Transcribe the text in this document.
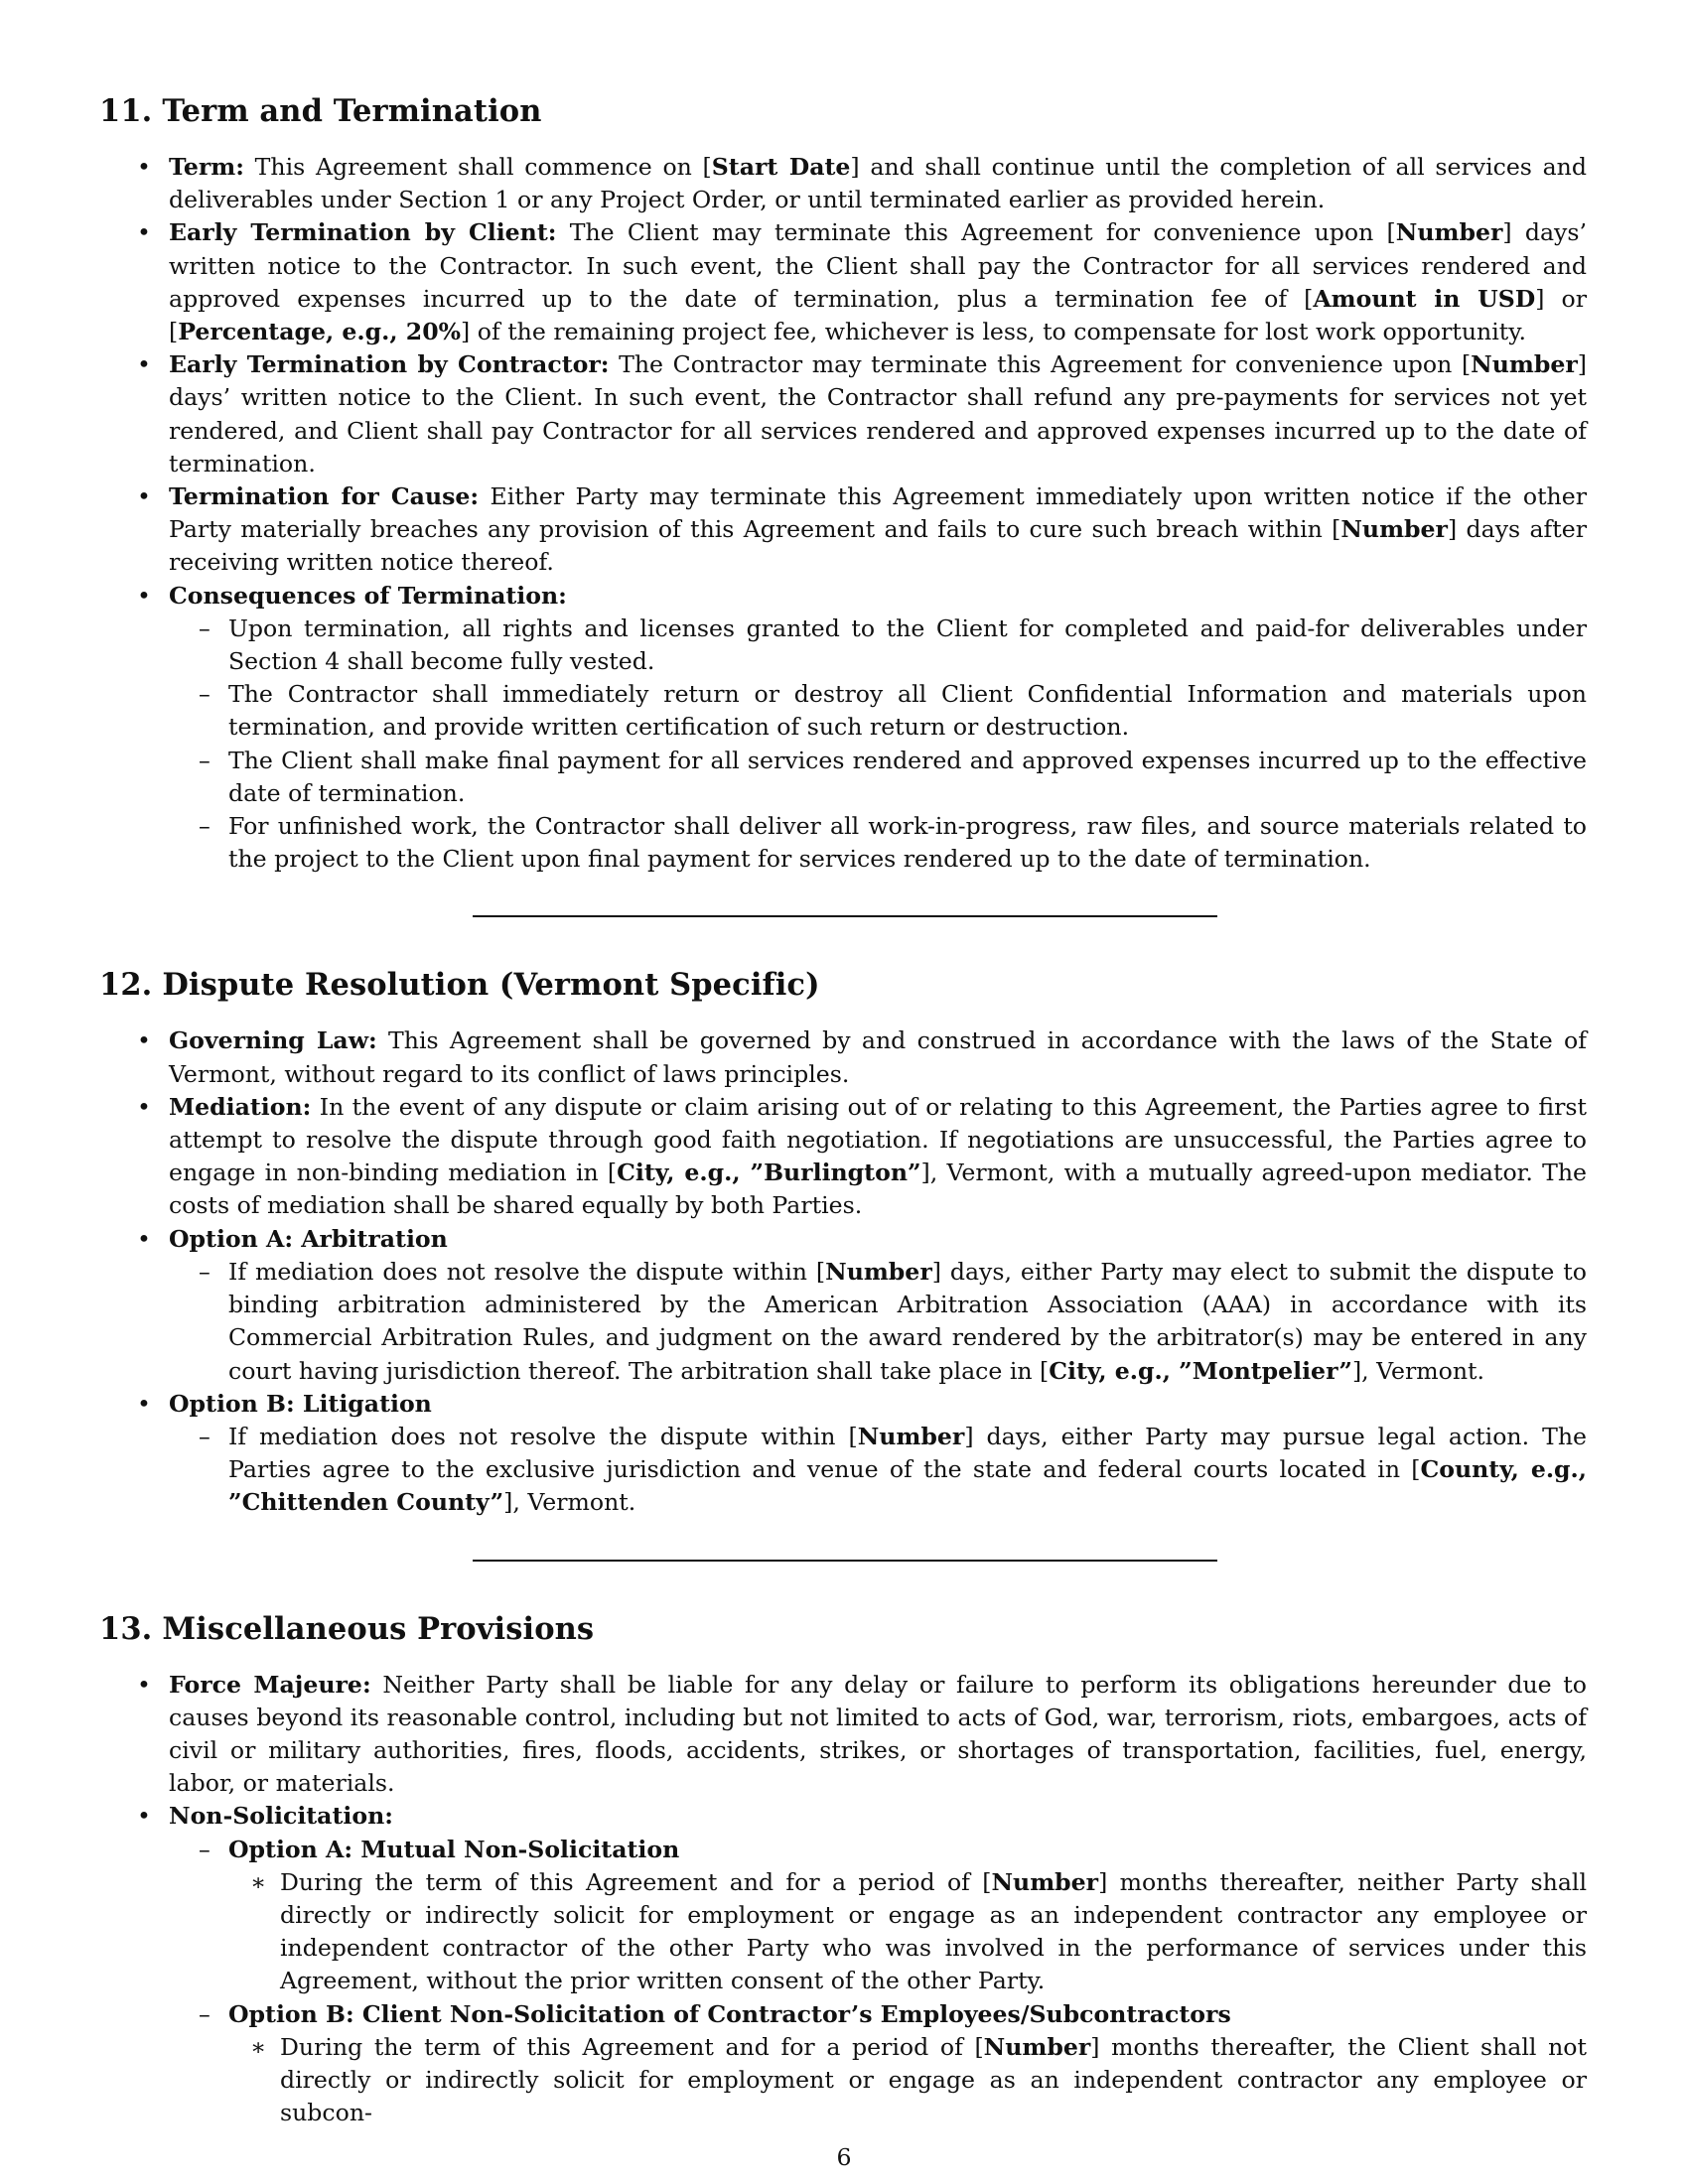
11. Term and Termination
• Term: This Agreement shall commence on [Start Date] and shall continue until the completion of all services and deliverables under Section 1 or any Project Order, or until terminated earlier as provided herein.
• Early Termination by Client: The Client may terminate this Agreement for convenience upon [Number] days’ written notice to the Contractor. In such event, the Client shall pay the Contractor for all services rendered and approved expenses incurred up to the date of termination, plus a termination fee of [Amount in USD] or [Percentage, e.g., 20%] of the remaining project fee, whichever is less, to compensate for lost work opportunity.
• Early Termination by Contractor: The Contractor may terminate this Agreement for convenience upon [Number] days’ written notice to the Client. In such event, the Contractor shall refund any pre-payments for services not yet rendered, and Client shall pay Contractor for all services rendered and approved expenses incurred up to the date of termination.
• Termination for Cause: Either Party may terminate this Agreement immediately upon written notice if the other Party materially breaches any provision of this Agreement and fails to cure such breach within [Number] days after receiving written notice thereof.
• Consequences of Termination:
– Upon termination, all rights and licenses granted to the Client for completed and paid-for deliverables under Section 4 shall become fully vested.
– The Contractor shall immediately return or destroy all Client Confidential Information and materials upon termination, and provide written certification of such return or destruction.
– The Client shall make final payment for all services rendered and approved expenses incurred up to the effective date of termination.
– For unfinished work, the Contractor shall deliver all work-in-progress, raw files, and source materials related to the project to the Client upon final payment for services rendered up to the date of termination.
12. Dispute Resolution (Vermont Specific)
• Governing Law: This Agreement shall be governed by and construed in accordance with the laws of the State of Vermont, without regard to its conflict of laws principles.
• Mediation: In the event of any dispute or claim arising out of or relating to this Agreement, the Parties agree to first attempt to resolve the dispute through good faith negotiation. If negotiations are unsuccessful, the Parties agree to engage in non-binding mediation in [City, e.g., ”Burlington”], Vermont, with a mutually agreed-upon mediator. The costs of mediation shall be shared equally by both Parties.
• Option A: Arbitration
– If mediation does not resolve the dispute within [Number] days, either Party may elect to submit the dispute to binding arbitration administered by the American Arbitration Association (AAA) in accordance with its Commercial Arbitration Rules, and judgment on the award rendered by the arbitrator(s) may be entered in any court having jurisdiction thereof. The arbitration shall take place in [City, e.g., ”Montpelier”], Vermont.
• Option B: Litigation
– If mediation does not resolve the dispute within [Number] days, either Party may pursue legal action. The Parties agree to the exclusive jurisdiction and venue of the state and federal courts located in [County, e.g., ”Chittenden County”], Vermont.
13. Miscellaneous Provisions
• Force Majeure: Neither Party shall be liable for any delay or failure to perform its obligations hereunder due to causes beyond its reasonable control, including but not limited to acts of God, war, terrorism, riots, embargoes, acts of civil or military authorities, fires, floods, accidents, strikes, or shortages of transportation, facilities, fuel, energy, labor, or materials.
• Non-Solicitation:
– Option A: Mutual Non-Solicitation
∗ During the term of this Agreement and for a period of [Number] months thereafter, neither Party shall directly or indirectly solicit for employment or engage as an independent contractor any employee or independent contractor of the other Party who was involved in the performance of services under this Agreement, without the prior written consent of the other Party.
– Option B: Client Non-Solicitation of Contractor’s Employees/Subcontractors
∗ During the term of this Agreement and for a period of [Number] months thereafter, the Client shall not directly or indirectly solicit for employment or engage as an independent contractor any employee or subcon-
6
